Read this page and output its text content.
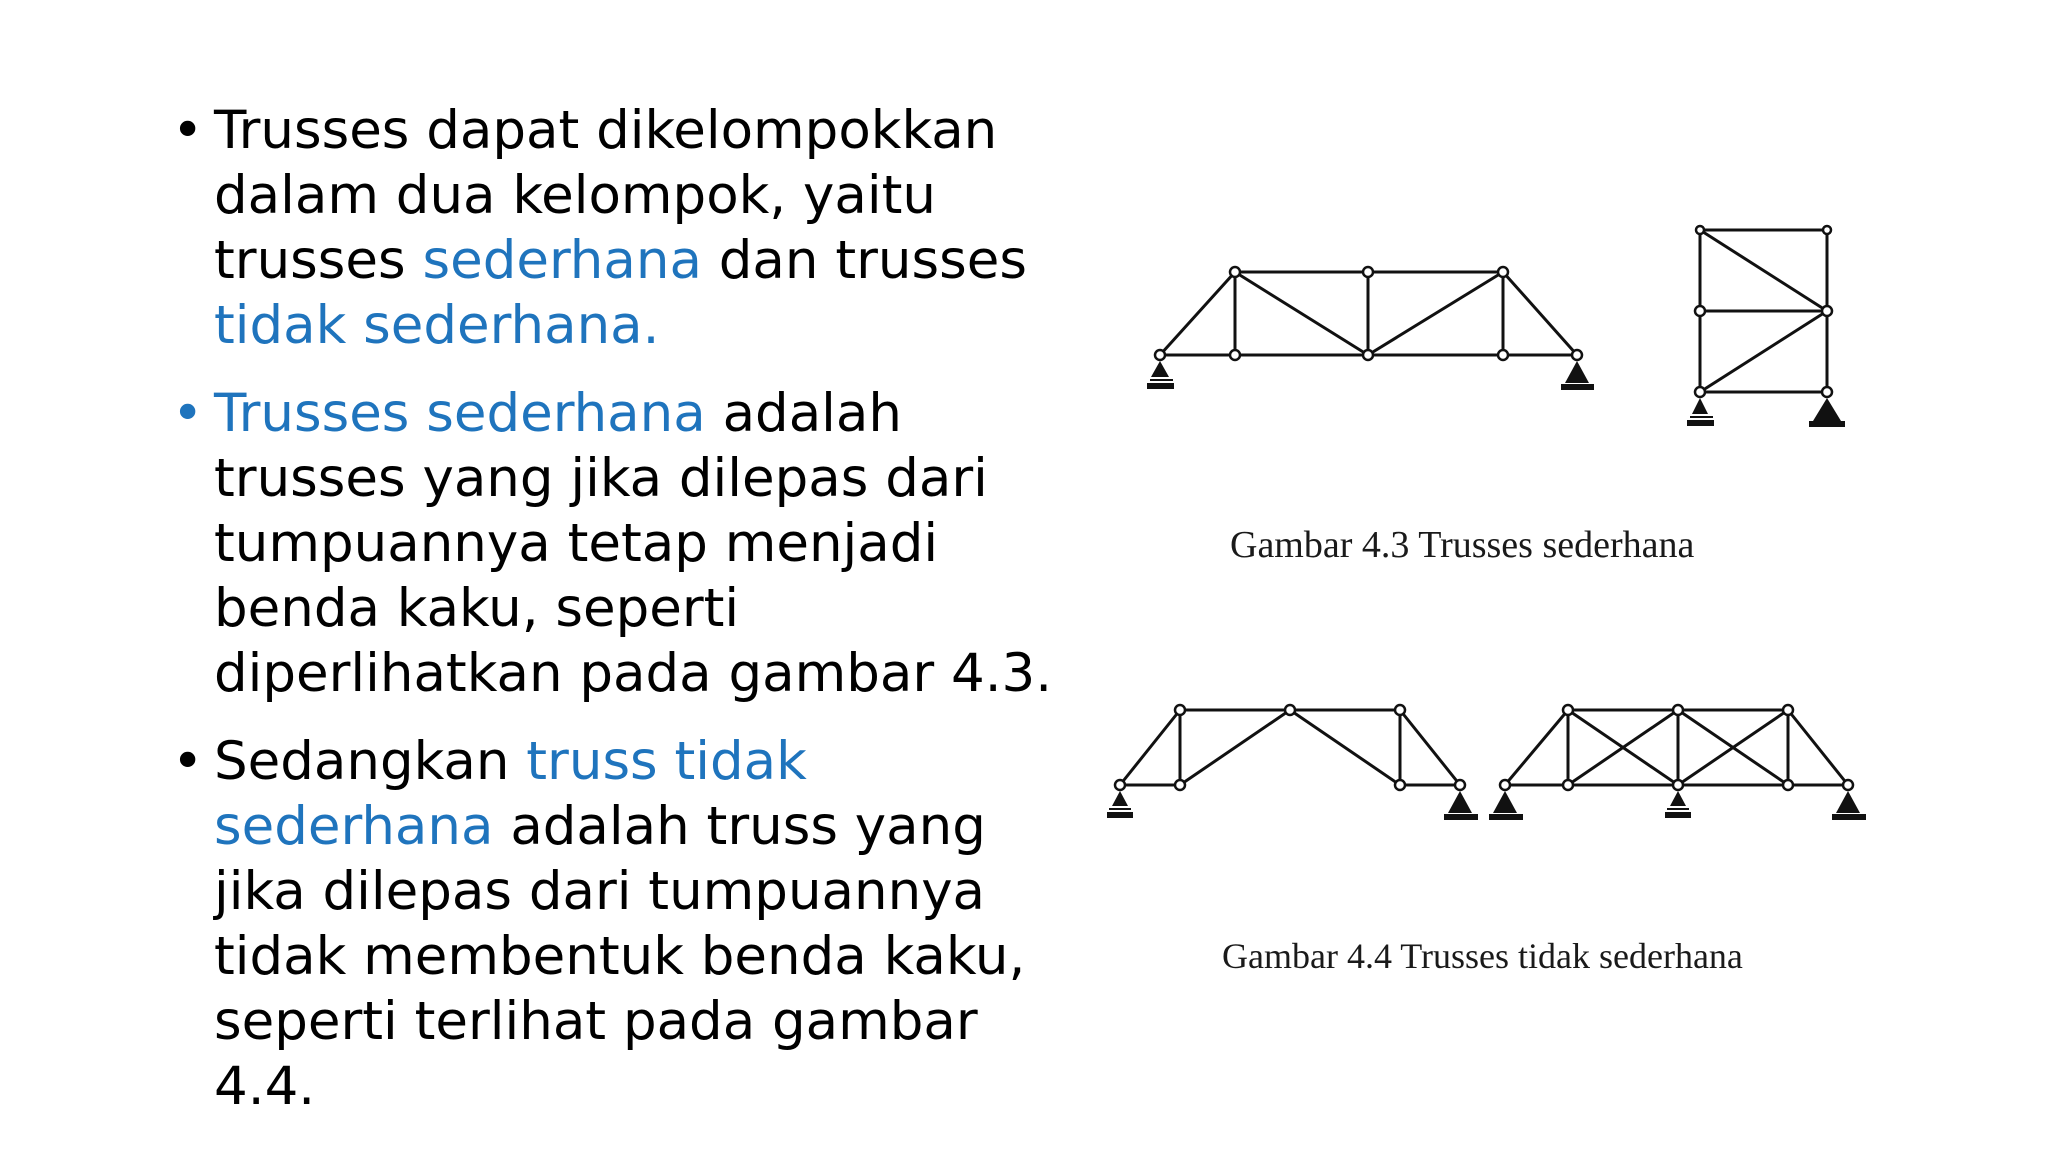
• Trusses dapat dikelompokkan dalam dua kelompok, yaitu trusses sederhana dan trusses tidak sederhana.
• Trusses sederhana adalah trusses yang jika dilepas dari tumpuannya tetap menjadi benda kaku, seperti diperlihatkan pada gambar 4.3.
• Sedangkan truss tidak sederhana adalah truss yang jika dilepas dari tumpuannya tidak membentuk benda kaku, seperti terlihat pada gambar 4.4.
Gambar 4.3 Trusses sederhana
Gambar 4.4 Trusses tidak sederhana
